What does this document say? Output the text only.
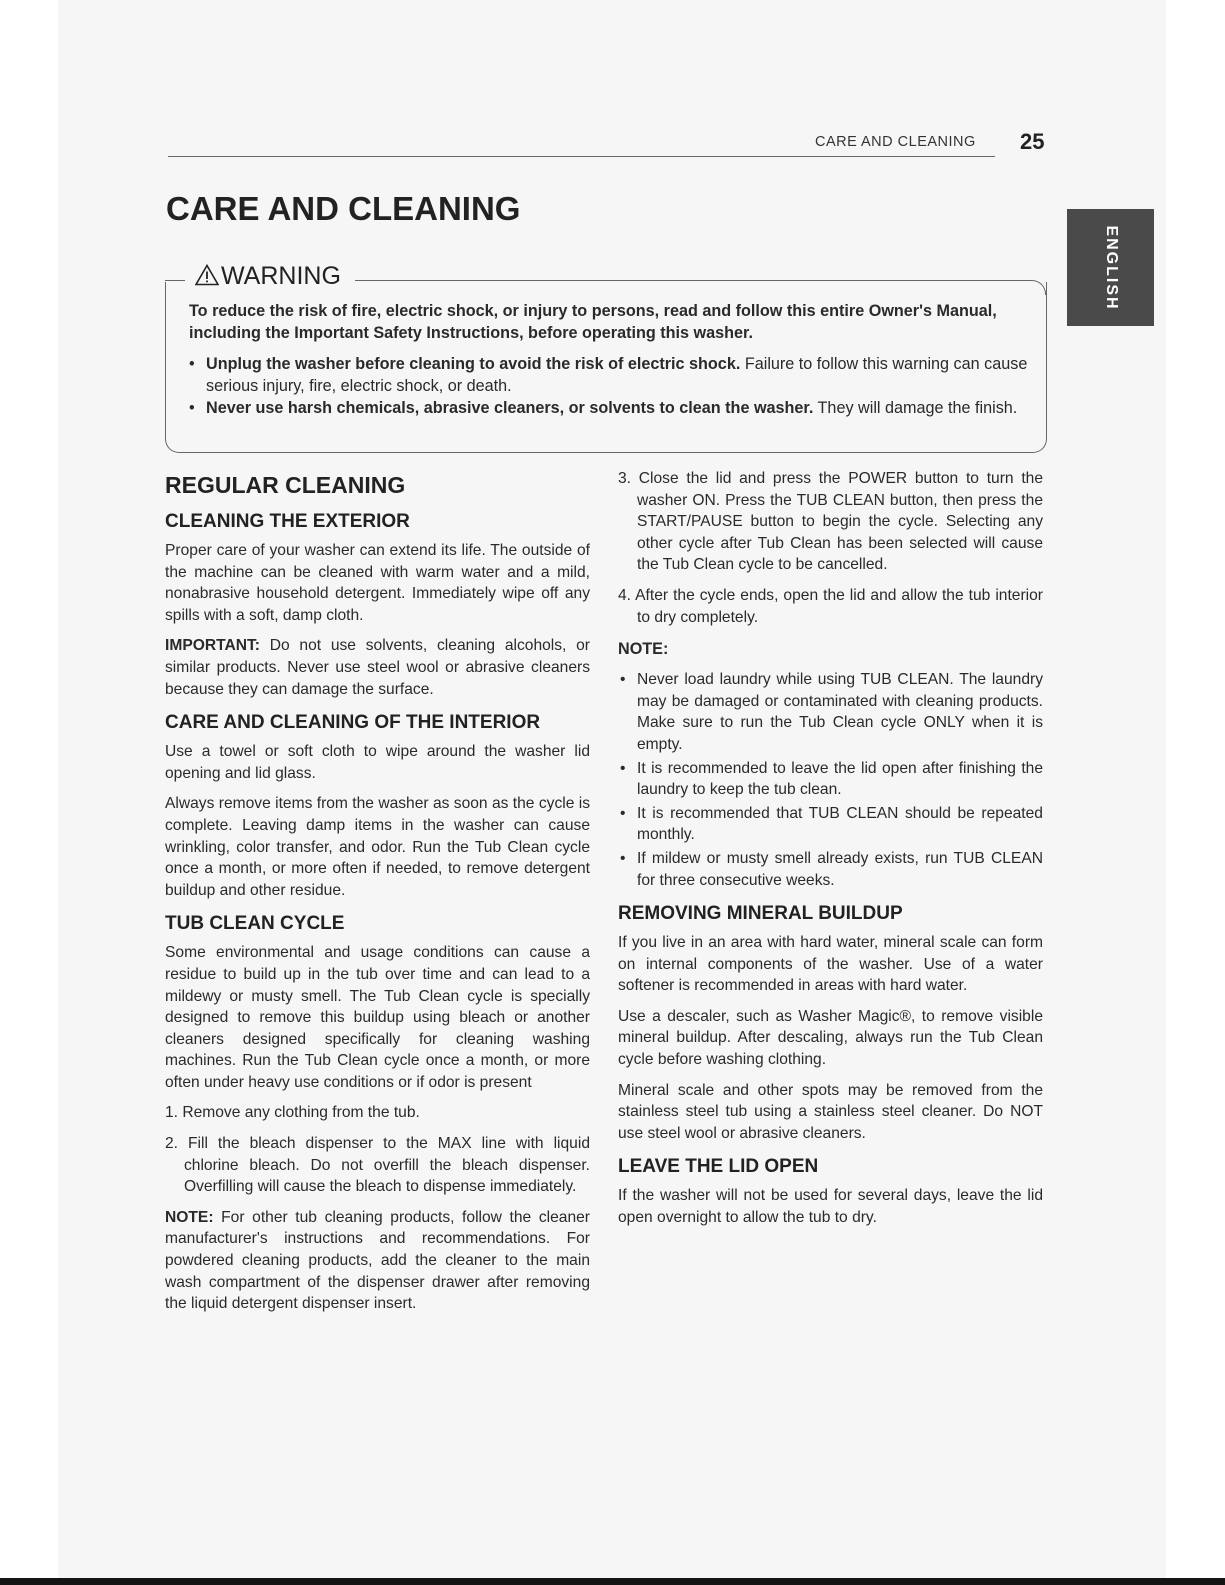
CARE AND CLEANING 25
ENGLISH
CARE AND CLEANING
WARNING

To reduce the risk of fire, electric shock, or injury to persons, read and follow this entire Owner's Manual, including the Important Safety Instructions, before operating this washer.

• Unplug the washer before cleaning to avoid the risk of electric shock. Failure to follow this warning can cause serious injury, fire, electric shock, or death.

• Never use harsh chemicals, abrasive cleaners, or solvents to clean the washer. They will damage the finish.

REGULAR CLEANING
CLEANING THE EXTERIOR

Proper care of your washer can extend its life. The outside of the machine can be cleaned with warm water and a mild, nonabrasive household detergent. Immediately wipe off any spills with a soft, damp cloth.

IMPORTANT: Do not use solvents, cleaning alcohols, or similar products. Never use steel wool or abrasive cleaners because they can damage the surface.

CARE AND CLEANING OF THE INTERIOR

Use a towel or soft cloth to wipe around the washer lid opening and lid glass.

Always remove items from the washer as soon as the cycle is complete. Leaving damp items in the washer can cause wrinkling, color transfer, and odor. Run the Tub Clean cycle once a month, or more often if needed, to remove detergent buildup and other residue.

TUB CLEAN CYCLE

Some environmental and usage conditions can cause a residue to build up in the tub over time and can lead to a mildewy or musty smell. The Tub Clean cycle is specially designed to remove this buildup using bleach or another cleaners designed specifically for cleaning washing machines. Run the Tub Clean cycle once a month, or more often under heavy use conditions or if odor is present

1. Remove any clothing from the tub.
2. Fill the bleach dispenser to the MAX line with liquid chlorine bleach. Do not overfill the bleach dispenser. Overfilling will cause the bleach to dispense immediately.

NOTE: For other tub cleaning products, follow the cleaner manufacturer's instructions and recommendations. For powdered cleaning products, add the cleaner to the main wash compartment of the dispenser drawer after removing the liquid detergent dispenser insert.

3. Close the lid and press the POWER button to turn the washer ON. Press the TUB CLEAN button, then press the START/PAUSE button to begin the cycle. Selecting any other cycle after Tub Clean has been selected will cause the Tub Clean cycle to be cancelled.
4. After the cycle ends, open the lid and allow the tub interior to dry completely.
NOTE:
• Never load laundry while using TUB CLEAN. The laundry may be damaged or contaminated with cleaning products. Make sure to run the Tub Clean cycle ONLY when it is empty.
• It is recommended to leave the lid open after finishing the laundry to keep the tub clean.
• It is recommended that TUB CLEAN should be repeated monthly.
• If mildew or musty smell already exists, run TUB CLEAN for three consecutive weeks.
REMOVING MINERAL BUILDUP

If you live in an area with hard water, mineral scale can form on internal components of the washer. Use of a water softener is recommended in areas with hard water.

Use a descaler, such as Washer Magic®, to remove visible mineral buildup. After descaling, always run the Tub Clean cycle before washing clothing.

Mineral scale and other spots may be removed from the stainless steel tub using a stainless steel cleaner. Do NOT use steel wool or abrasive cleaners.

LEAVE THE LID OPEN

If the washer will not be used for several days, leave the lid open overnight to allow the tub to dry.
